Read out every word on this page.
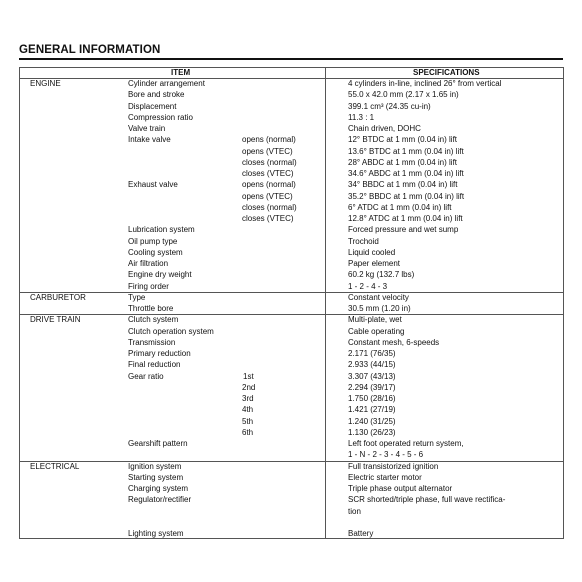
GENERAL INFORMATION
ITEM	SPECIFICATIONS
ENGINE	Cylinder arrangement	4 cylinders in-line, inclined 26° from vertical
Bore and stroke	55.0 x 42.0 mm (2.17 x 1.65 in)
Displacement	399.1 cm³ (24.35 cu-in)
Compression ratio	11.3 : 1
Valve train	Chain driven, DOHC
Intake valve	opens (normal)	12° BTDC at 1 mm (0.04 in) lift
opens (VTEC)	13.6° BTDC at 1 mm (0.04 in) lift
closes (normal)	28° ABDC at 1 mm (0.04 in) lift
closes (VTEC)	34.6° ABDC at 1 mm (0.04 in) lift
Exhaust valve	opens (normal)	34° BBDC at 1 mm (0.04 in) lift
opens (VTEC)	35.2° BBDC at 1 mm (0.04 in) lift
closes (normal)	6° ATDC at 1 mm (0.04 in) lift
closes (VTEC)	12.8° ATDC at 1 mm (0.04 in) lift
Lubrication system	Forced pressure and wet sump
Oil pump type	Trochoid
Cooling system	Liquid cooled
Air filtration	Paper element
Engine dry weight	60.2 kg (132.7 lbs)
Firing order	1 - 2 - 4 - 3
CARBURETOR	Type	Constant velocity
Throttle bore	30.5 mm (1.20 in)
DRIVE TRAIN	Clutch system	Multi-plate, wet
Clutch operation system	Cable operating
Transmission	Constant mesh, 6-speeds
Primary reduction	2.171 (76/35)
Final reduction	2.933 (44/15)
Gear ratio	1st	3.307 (43/13)
2nd	2.294 (39/17)
3rd	1.750 (28/16)
4th	1.421 (27/19)
5th	1.240 (31/25)
6th	1.130 (26/23)
Gearshift pattern	Left foot operated return system,
1 - N - 2 - 3 - 4 - 5 - 6
ELECTRICAL	Ignition system	Full transistorized ignition
Starting system	Electric starter motor
Charging system	Triple phase output alternator
Regulator/rectifier	SCR shorted/triple phase, full wave rectifica-
tion
Lighting system	Battery
